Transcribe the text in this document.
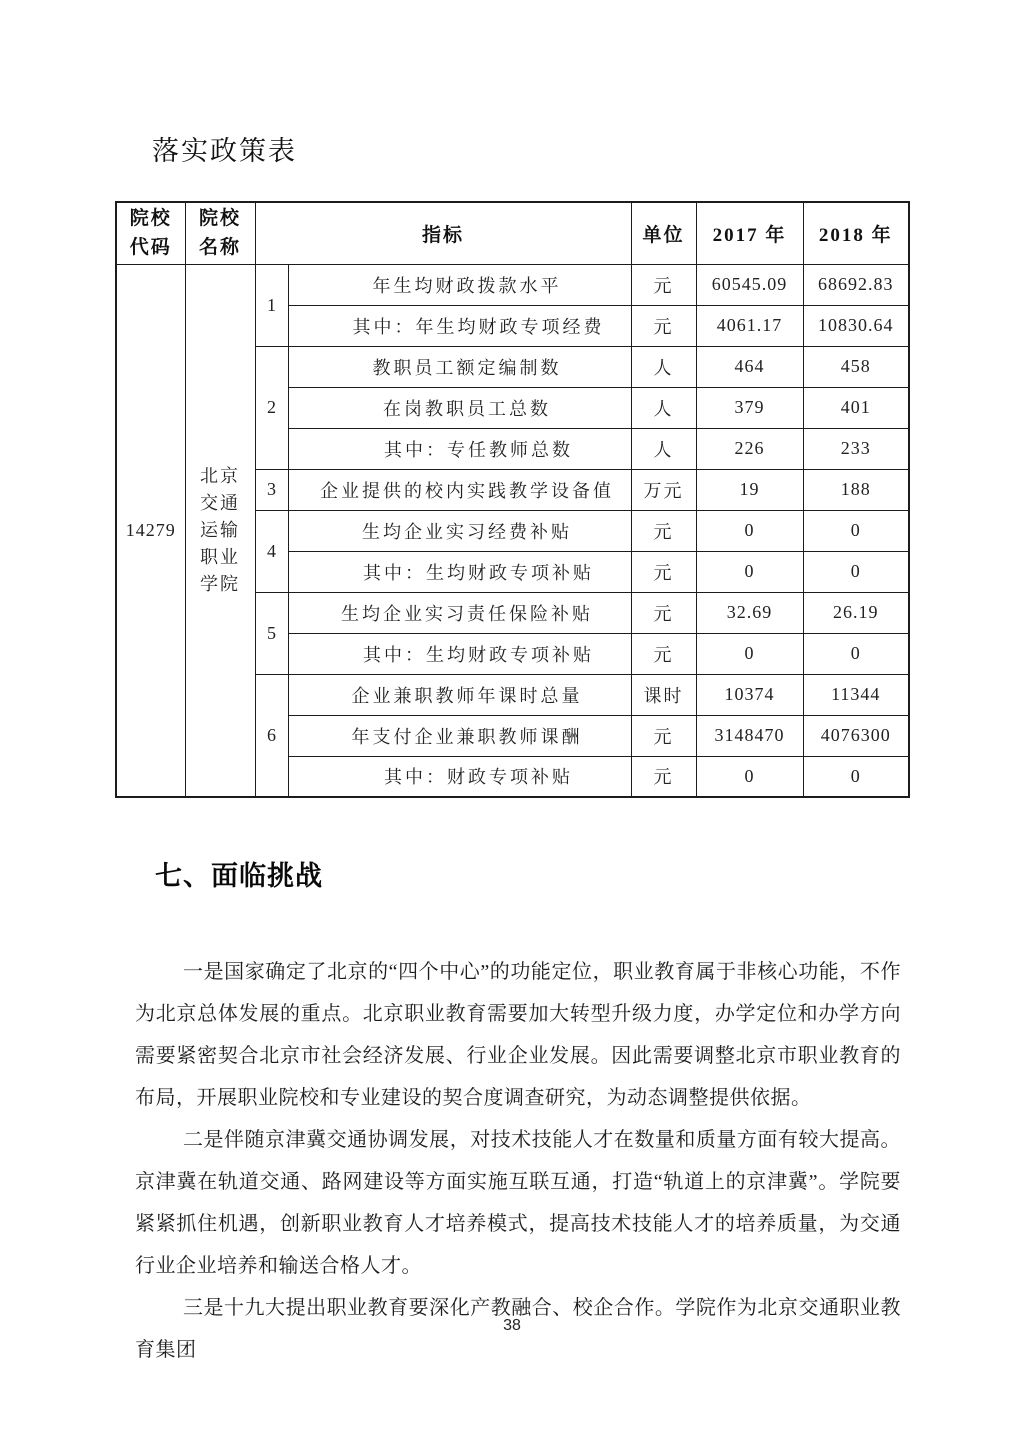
落实政策表
院校代码	院校名称	指标		单位	2017 年	2018 年
14279	北京交通运输职业学院	1	年生均财政拨款水平	元	60545.09	68692.83
			其中：年生均财政专项经费	元	4061.17	10830.64
		2	教职员工额定编制数	人	464	458
			在岗教职员工总数	人	379	401
			其中：专任教师总数	人	226	233
		3	企业提供的校内实践教学设备值	万元	19	188
		4	生均企业实习经费补贴	元	0	0
			其中：生均财政专项补贴	元	0	0
		5	生均企业实习责任保险补贴	元	32.69	26.19
			其中：生均财政专项补贴	元	0	0
		6	企业兼职教师年课时总量	课时	10374	11344
			年支付企业兼职教师课酬	元	3148470	4076300
			其中：财政专项补贴	元	0	0
七、面临挑战

一是国家确定了北京的“四个中心”的功能定位，职业教育属于非核心功能，不作为北京总体发展的重点。北京职业教育需要加大转型升级力度，办学定位和办学方向需要紧密契合北京市社会经济发展、行业企业发展。因此需要调整北京市职业教育的布局，开展职业院校和专业建设的契合度调查研究，为动态调整提供依据。

二是伴随京津冀交通协调发展，对技术技能人才在数量和质量方面有较大提高。京津冀在轨道交通、路网建设等方面实施互联互通，打造“轨道上的京津冀”。学院要紧紧抓住机遇，创新职业教育人才培养模式，提高技术技能人才的培养质量，为交通行业企业培养和输送合格人才。

三是十九大提出职业教育要深化产教融合、校企合作。学院作为北京交通职业教育集团

38
